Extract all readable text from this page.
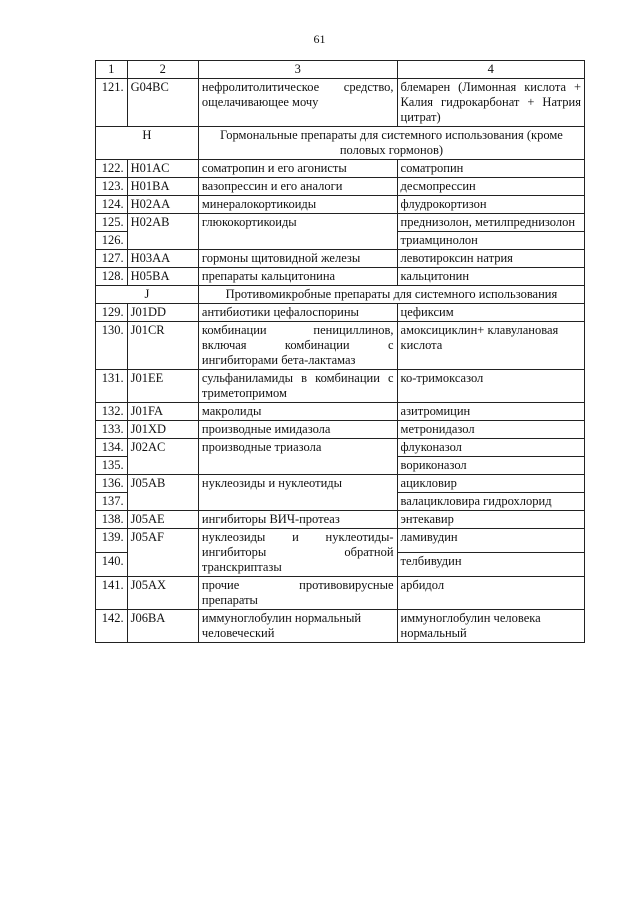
61
1	2	3	4
121.	G04BC	нефролитолитическое средство, ощелачивающее мочу	блемарен (Лимонная кислота + Калия гидрокарбонат + Натрия цитрат)
H		Гормональные препараты для системного использования (кроме половых гормонов)	
122.	H01AC	соматропин и его агонисты	соматропин
123.	H01BA	вазопрессин и его аналоги	десмопрессин
124.	H02AA	минералокортикоиды	флудрокортизон
125.	H02AB	глюкокортикоиды	преднизолон, метилпреднизолон
126.			триамцинолон
127.	H03AA	гормоны щитовидной железы	левотироксин натрия
128.	H05BA	препараты кальцитонина	кальцитонин
J		Противомикробные препараты для системного использования	
129.	J01DD	антибиотики цефалоспорины	цефиксим
130.	J01CR	комбинации пенициллинов, включая комбинации с ингибиторами бета-лактамаз	амоксициклин+ клавулановая кислота
131.	J01EE	сульфаниламиды в комбинации с триметопримом	ко-тримоксазол
132.	J01FA	макролиды	азитромицин
133.	J01XD	производные имидазола	метронидазол
134.	J02AC	производные триазола	флуконазол
135.			вориконазол
136.	J05AB	нуклеозиды и нуклеотиды	ацикловир
137.			валацикловира гидрохлорид
138.	J05AE	ингибиторы ВИЧ-протеаз	энтекавир
139.	J05AF	нуклеозиды и нуклеотиды-ингибиторы обратной транскриптазы	ламивудин
140.			телбивудин
141.	J05AX	прочие противовирусные препараты	арбидол
142.	J06BA	иммуноглобулин нормальный человеческий	иммуноглобулин человека нормальный
